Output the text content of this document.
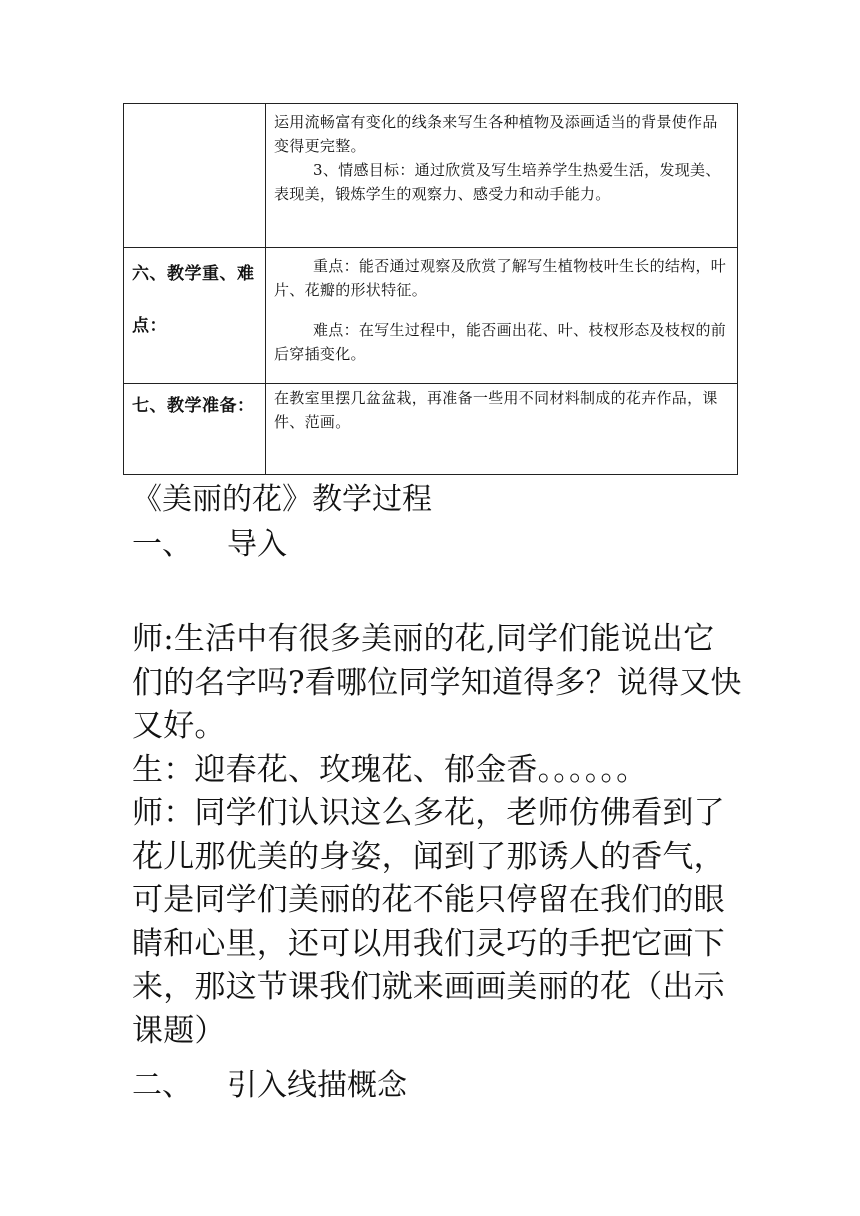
	运用流畅富有变化的线条来写生各种植物及添画适当的背景使作品变得更完整。

3、情感目标：通过欣赏及写生培养学生热爱生活，发现美、表现美，锻炼学生的观察力、感受力和动手能力。

六、教学重、难点：	重点：能否通过观察及欣赏了解写生植物枝叶生长的结构，叶片、花瓣的形状特征。

难点：在写生过程中，能否画出花、叶、枝杈形态及枝杈的前后穿插变化。

七、教学准备：	在教室里摆几盆盆栽，再准备一些用不同材料制成的花卉作品，课件、范画。

《美丽的花》教学过程
一、 导入

师:生活中有很多美丽的花,同学们能说出它们的名字吗?看哪位同学知道得多？说得又快又好。

生：迎春花、玫瑰花、郁金香。。。。。。

师：同学们认识这么多花，老师仿佛看到了花儿那优美的身姿，闻到了那诱人的香气，可是同学们美丽的花不能只停留在我们的眼睛和心里，还可以用我们灵巧的手把它画下来，那这节课我们就来画画美丽的花（出示课题）

二、 引入线描概念
